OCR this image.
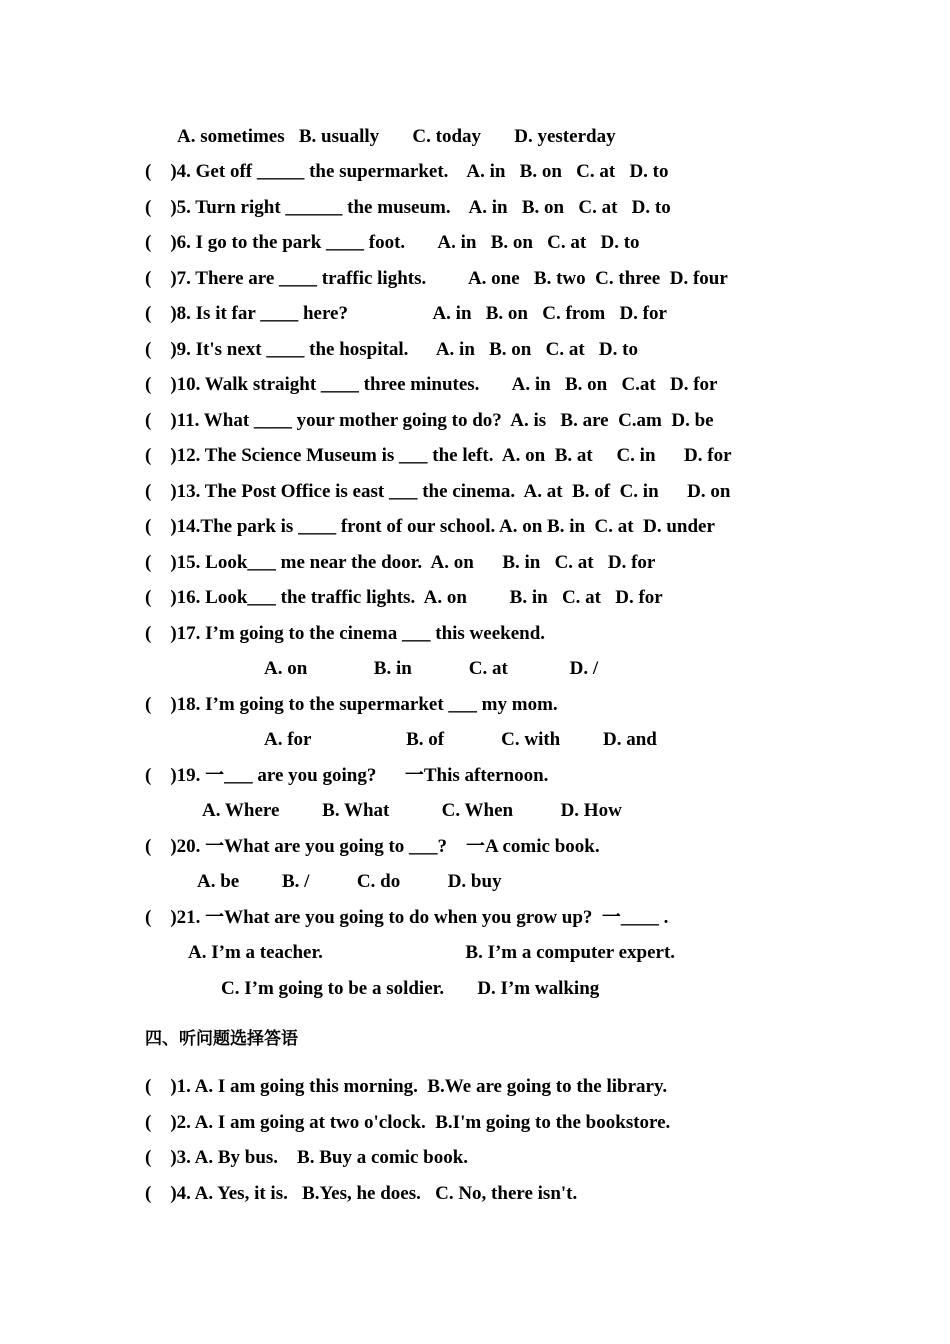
A. sometimes   B. usually       C. today       D. yesterday
(    )4. Get off _____ the supermarket.    A. in   B. on   C. at   D. to
(    )5. Turn right ______ the museum.    A. in   B. on   C. at   D. to
(    )6. I go to the park ____ foot.       A. in   B. on   C. at   D. to
(    )7. There are ____ traffic lights.         A. one   B. two  C. three  D. four
(    )8. Is it far ____ here?                  A. in   B. on   C. from   D. for
(    )9. It's next ____ the hospital.      A. in   B. on   C. at   D. to
(    )10. Walk straight ____ three minutes.       A. in   B. on   C.at   D. for
(    )11. What ____ your mother going to do?  A. is   B. are  C.am  D. be
(    )12. The Science Museum is ___ the left.  A. on  B. at     C. in      D. for
(    )13. The Post Office is east ___ the cinema.  A. at  B. of  C. in      D. on
(    )14.The park is ____ front of our school. A. on B. in  C. at  D. under
(    )15. Look___ me near the door.  A. on      B. in   C. at   D. for
(    )16. Look___ the traffic lights.  A. on         B. in   C. at   D. for
(    )17. I’m going to the cinema ___ this weekend.
A. on              B. in            C. at             D. /
(    )18. I’m going to the supermarket ___ my mom.
A. for                    B. of            C. with         D. and
(    )19. 一___ are you going?      一This afternoon.
A. Where         B. What           C. When          D. How
(    )20. 一What are you going to ___?    一A comic book.
A. be         B. /          C. do          D. buy
(    )21. 一What are you going to do when you grow up?  一____ .
A. I’m a teacher.                              B. I’m a computer expert.
C. I’m going to be a soldier.       D. I’m walking
四、听问题选择答语
(    )1. A. I am going this morning.  B.We are going to the library.
(    )2. A. I am going at two o'clock.  B.I'm going to the bookstore.
(    )3. A. By bus.    B. Buy a comic book.
(    )4. A. Yes, it is.   B.Yes, he does.   C. No, there isn't.
